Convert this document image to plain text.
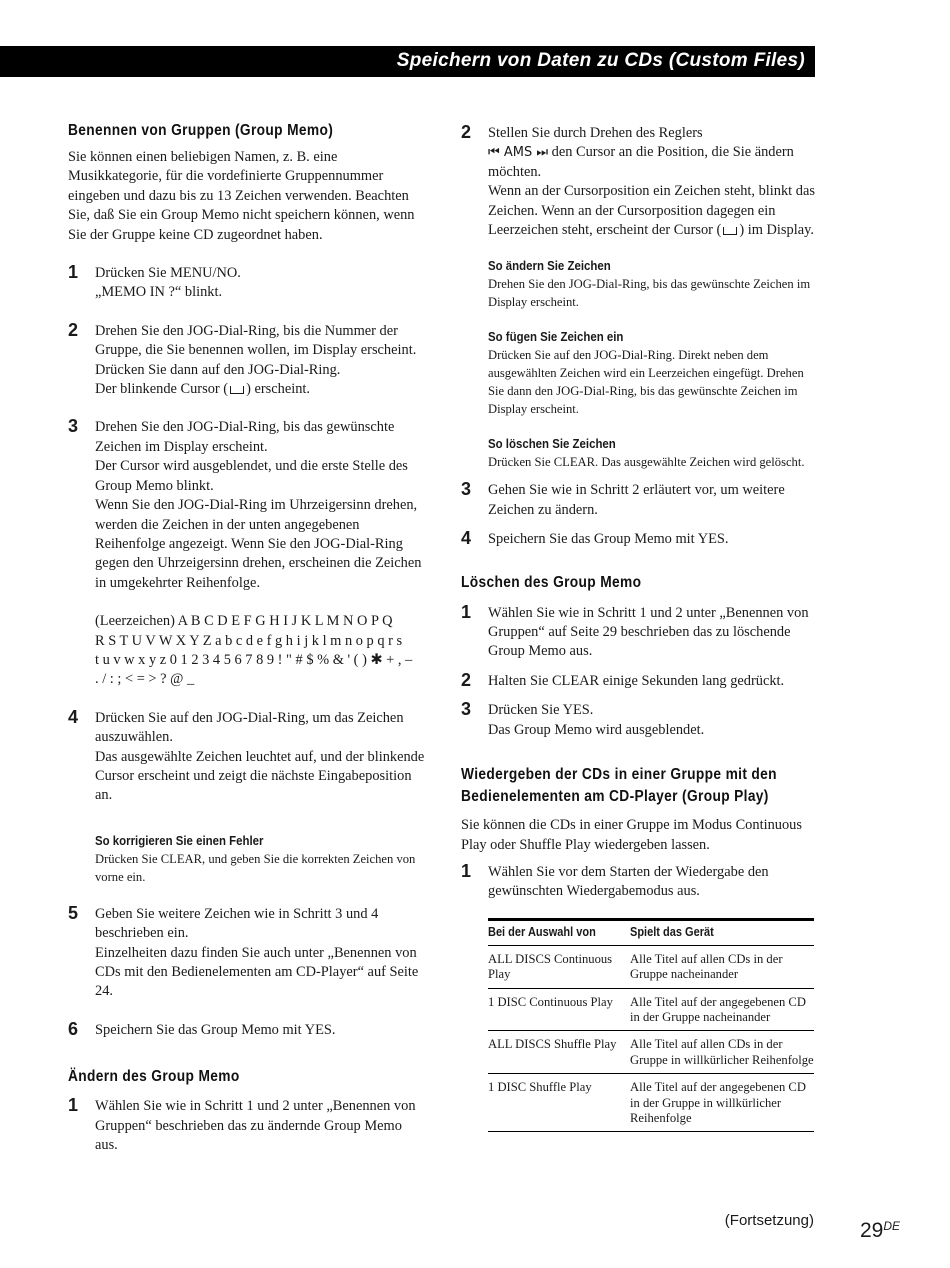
Speichern von Daten zu CDs (Custom Files)
Benennen von Gruppen (Group Memo)

Sie können einen beliebigen Namen, z. B. eine Musikkategorie, für die vordefinierte Gruppennummer eingeben und dazu bis zu 13 Zeichen verwenden. Beachten Sie, daß Sie ein Group Memo nicht speichern können, wenn Sie der Gruppe keine CD zugeordnet haben.

1 Drücken Sie MENU/NO.

„MEMO IN ?“ blinkt.

2 Drehen Sie den JOG-Dial-Ring, bis die Nummer der Gruppe, die Sie benennen wollen, im Display erscheint. Drücken Sie dann auf den JOG-Dial-Ring.

Der blinkende Cursor ( ) erscheint.

3 Drehen Sie den JOG-Dial-Ring, bis das gewünschte Zeichen im Display erscheint.

Der Cursor wird ausgeblendet, und die erste Stelle des Group Memo blinkt.

Wenn Sie den JOG-Dial-Ring im Uhrzeigersinn drehen, werden die Zeichen in der unten angegebenen Reihenfolge angezeigt. Wenn Sie den JOG-Dial-Ring gegen den Uhrzeigersinn drehen, erscheinen die Zeichen in umgekehrter Reihenfolge.

(Leerzeichen) A B C D E F G H I J K L M N O P Q

R S T U V W X Y Z a b c d e f g h i j k l m n o p q r s

t u v w x y z 0 1 2 3 4 5 6 7 8 9 ! " # $ % & ' ( ) ✱ + , –

. / : ; < = > ? @ _

4 Drücken Sie auf den JOG-Dial-Ring, um das Zeichen auszuwählen.

Das ausgewählte Zeichen leuchtet auf, und der blinkende Cursor erscheint und zeigt die nächste Eingabeposition an.

So korrigieren Sie einen Fehler

Drücken Sie CLEAR, und geben Sie die korrekten Zeichen von vorne ein.

5 Geben Sie weitere Zeichen wie in Schritt 3 und 4 beschrieben ein.

Einzelheiten dazu finden Sie auch unter „Benennen von CDs mit den Bedienelementen am CD-Player“ auf Seite 24.

6 Speichern Sie das Group Memo mit YES.

Ändern des Group Memo
1 Wählen Sie wie in Schritt 1 und 2 unter „Benennen von Gruppen“ beschrieben das zu ändernde Group Memo aus.

2 Stellen Sie durch Drehen des Reglers
⏮ AMS ⏭ den Cursor an die Position, die Sie ändern möchten.

Wenn an der Cursorposition ein Zeichen steht, blinkt das Zeichen. Wenn an der Cursorposition dagegen ein Leerzeichen steht, erscheint der Cursor ( ) im Display.

So ändern Sie Zeichen

Drehen Sie den JOG-Dial-Ring, bis das gewünschte Zeichen im Display erscheint.

So fügen Sie Zeichen ein

Drücken Sie auf den JOG-Dial-Ring. Direkt neben dem ausgewählten Zeichen wird ein Leerzeichen eingefügt. Drehen Sie dann den JOG-Dial-Ring, bis das gewünschte Zeichen im Display erscheint.

So löschen Sie Zeichen

Drücken Sie CLEAR. Das ausgewählte Zeichen wird gelöscht.

3 Gehen Sie wie in Schritt 2 erläutert vor, um weitere Zeichen zu ändern.

4 Speichern Sie das Group Memo mit YES.

Löschen des Group Memo
1 Wählen Sie wie in Schritt 1 und 2 unter „Benennen von Gruppen“ auf Seite 29 beschrieben das zu löschende Group Memo aus.

2 Halten Sie CLEAR einige Sekunden lang gedrückt.

3 Drücken Sie YES.

Das Group Memo wird ausgeblendet.

Wiedergeben der CDs in einer Gruppe mit den Bedienelementen am CD-Player (Group Play)

Sie können die CDs in einer Gruppe im Modus Continuous Play oder Shuffle Play wiedergeben lassen.

1 Wählen Sie vor dem Starten der Wiedergabe den gewünschten Wiedergabemodus aus.

Bei der Auswahl von	Spielt das Gerät
ALL DISCS Continuous Play	Alle Titel auf allen CDs in der Gruppe nacheinander
1 DISC Continuous Play	Alle Titel auf der angegebenen CD in der Gruppe nacheinander
ALL DISCS Shuffle Play	Alle Titel auf allen CDs in der Gruppe in willkürlicher Reihenfolge
1 DISC Shuffle Play	Alle Titel auf der angegebenen CD in der Gruppe in willkürlicher Reihenfolge
(Fortsetzung) 29DE
